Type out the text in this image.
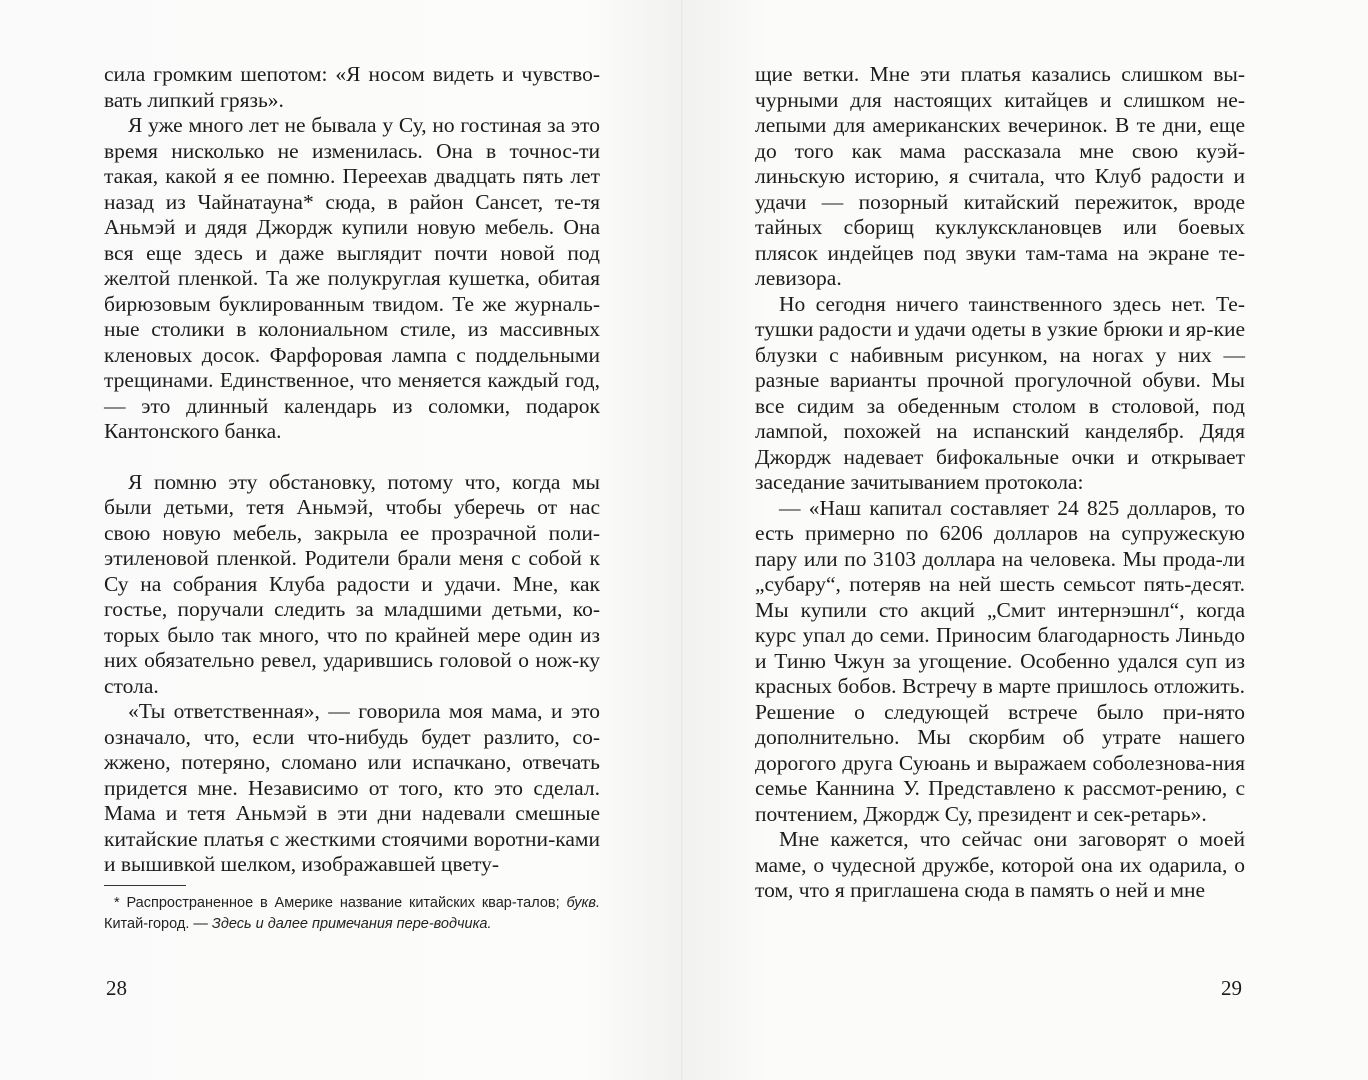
сила громким шепотом: «Я носом видеть и чувство-вать липкий грязь».

Я уже много лет не бывала у Су, но гостиная за это время нисколько не изменилась. Она в точнос-ти такая, какой я ее помню. Переехав двадцать пять лет назад из Чайнатауна* сюда, в район Сансет, те-тя Аньмэй и дядя Джордж купили новую мебель. Она вся еще здесь и даже выглядит почти новой под желтой пленкой. Та же полукруглая кушетка, обитая бирюзовым буклированным твидом. Те же журналь-ные столики в колониальном стиле, из массивных кленовых досок. Фарфоровая лампа с поддельными трещинами. Единственное, что меняется каждый год, — это длинный календарь из соломки, подарок Кантонского банка.

Я помню эту обстановку, потому что, когда мы были детьми, тетя Аньмэй, чтобы уберечь от нас свою новую мебель, закрыла ее прозрачной поли-этиленовой пленкой. Родители брали меня с собой к Су на собрания Клуба радости и удачи. Мне, как гостье, поручали следить за младшими детьми, ко-торых было так много, что по крайней мере один из них обязательно ревел, ударившись головой о нож-ку стола.

«Ты ответственная», — говорила моя мама, и это означало, что, если что-нибудь будет разлито, со-жжено, потеряно, сломано или испачкано, отвечать придется мне. Независимо от того, кто это сделал. Мама и тетя Аньмэй в эти дни надевали смешные китайские платья с жесткими стоячими воротни-ками и вышивкой шелком, изображавшей цвету-

* Распространенное в Америке название китайских квар-талов; букв. Китай-город. — Здесь и далее примечания пере-водчика.

28

щие ветки. Мне эти платья казались слишком вы-чурными для настоящих китайцев и слишком не-лепыми для американских вечеринок. В те дни, еще до того как мама рассказала мне свою куэй-линьскую историю, я считала, что Клуб радости и удачи — позорный китайский пережиток, вроде тайных сборищ куклуксклановцев или боевых плясок индейцев под звуки там-тама на экране те-левизора.

Но сегодня ничего таинственного здесь нет. Те-тушки радости и удачи одеты в узкие брюки и яр-кие блузки с набивным рисунком, на ногах у них — разные варианты прочной прогулочной обуви. Мы все сидим за обеденным столом в столовой, под лампой, похожей на испанский канделябр. Дядя Джордж надевает бифокальные очки и открывает заседание зачитыванием протокола:

— «Наш капитал составляет 24 825 долларов, то есть примерно по 6206 долларов на супружескую пару или по 3103 доллара на человека. Мы прода-ли „субару“, потеряв на ней шесть семьсот пять-десят. Мы купили сто акций „Смит интернэшнл“, когда курс упал до семи. Приносим благодарность Линьдо и Тиню Чжун за угощение. Особенно удался суп из красных бобов. Встречу в марте пришлось отложить. Решение о следующей встрече было при-нято дополнительно. Мы скорбим об утрате нашего дорогого друга Суюань и выражаем соболезнова-ния семье Каннина У. Представлено к рассмот-рению, с почтением, Джордж Су, президент и сек-ретарь».

Мне кажется, что сейчас они заговорят о моей маме, о чудесной дружбе, которой она их одарила, о том, что я приглашена сюда в память о ней и мне

29
